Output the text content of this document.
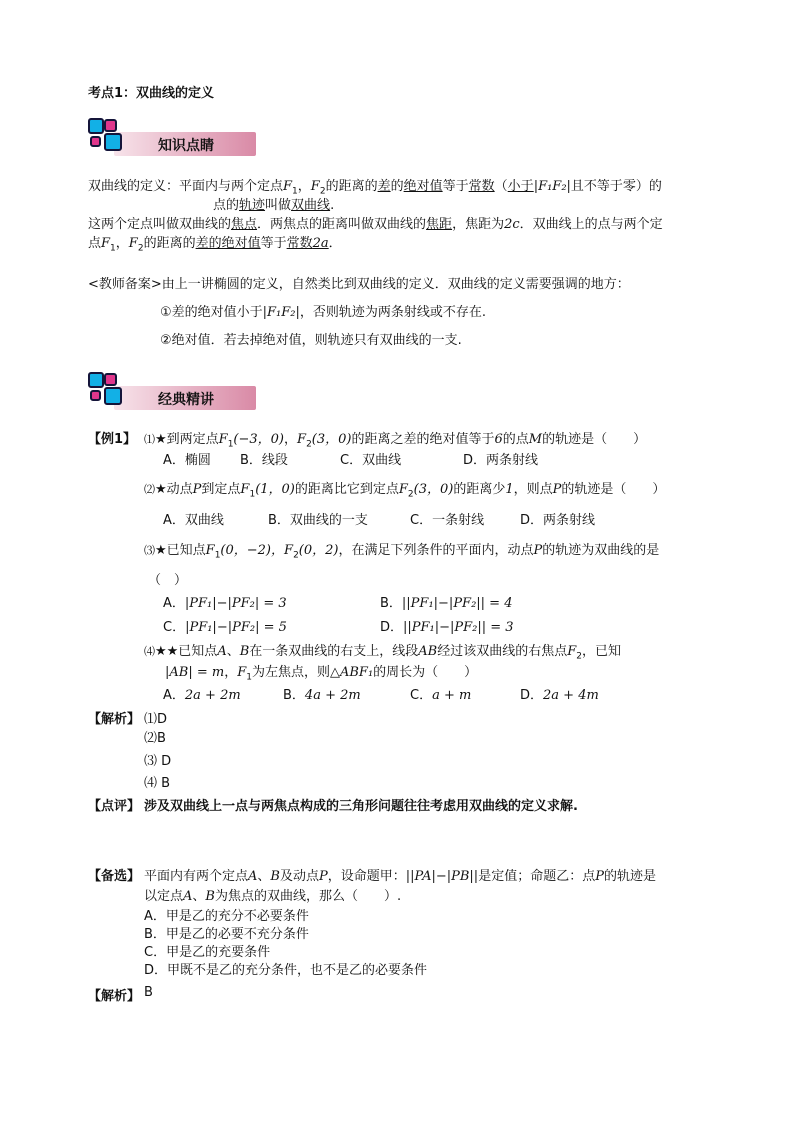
考点1：双曲线的定义
知识点睛
双曲线的定义：平面内与两个定点$F_1$，$F_2$的距离的差的绝对值等于常数（小于|F₁F₂|且不等于零）的
点的轨迹叫做双曲线.
这两个定点叫做双曲线的焦点．两焦点的距离叫做双曲线的焦距，焦距为2c．双曲线上的点与两个定
点$F_1$，$F_2$的距离的差的绝对值等于常数2a．
<教师备案>由上一讲椭圆的定义，自然类比到双曲线的定义．双曲线的定义需要强调的地方：
①差的绝对值小于|F₁F₂|，否则轨迹为两条射线或不存在.
②绝对值．若去掉绝对值，则轨迹只有双曲线的一支.
经典精讲
【例1】 ⑴★到两定点$F_1(-3$，0)，$F_2(3$，0)的距离之差的绝对值等于6的点M的轨迹是（　　）
A．椭圆 B．线段	C．双曲线	D．两条射线
⑵★动点P到定点$F_1(1$，0)的距离比它到定点$F_2(3$，0)的距离少1，则点P的轨迹是（　　）
A．双曲线	B．双曲线的一支	C．一条射线	D．两条射线
⑶★已知点$F_1(0$，−2)，$F_2(0$，2)，在满足下列条件的平面内，动点P的轨迹为双曲线的是
（　）
A．|PF₁|−|PF₂| = 3	B．||PF₁|−|PF₂|| = 4
C．|PF₁|−|PF₂| = 5	D．||PF₁|−|PF₂|| = 3
⑷★★已知点A、B在一条双曲线的右支上，线段AB经过该双曲线的右焦点$F_2$，已知
|AB| = m，$F_1$为左焦点，则△ABF₁的周长为（　　）
A．2a + 2m	B．4a + 2m	C．a + m	D．2a + 4m
【解析】 ⑴D
⑵B
⑶ D
⑷ B
【点评】 涉及双曲线上一点与两焦点构成的三角形问题往往考虑用双曲线的定义求解.
【备选】 平面内有两个定点A、B及动点P，设命题甲：||PA|−|PB||是定值；命题乙：点P的轨迹是
以定点A、B为焦点的双曲线，那么（　　）.
A．甲是乙的充分不必要条件
B．甲是乙的必要不充分条件
C．甲是乙的充要条件
D．甲既不是乙的充分条件，也不是乙的必要条件
【解析】 B
